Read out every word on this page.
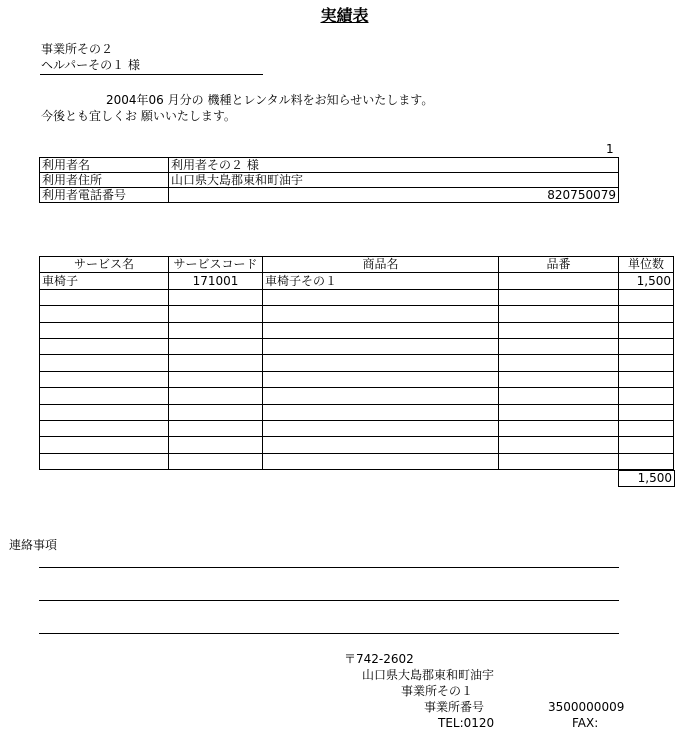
実績表
事業所その２
ヘルパーその１ 様
2004年06 月分の 機種とレンタル料をお知らせいたします。
今後とも宜しくお 願いいたします。
1
利用者名	利用者その２ 様
利用者住所	山口県大島郡東和町油宇
利用者電話番号	820750079
サービス名	サービスコード	商品名	品番	単位数
車椅子	171001	車椅子その１		1,500

1,500
連絡事項
〒742-2602
山口県大島郡東和町油宇
事業所その１
事業所番号	3500000009
TEL:0120	FAX:
